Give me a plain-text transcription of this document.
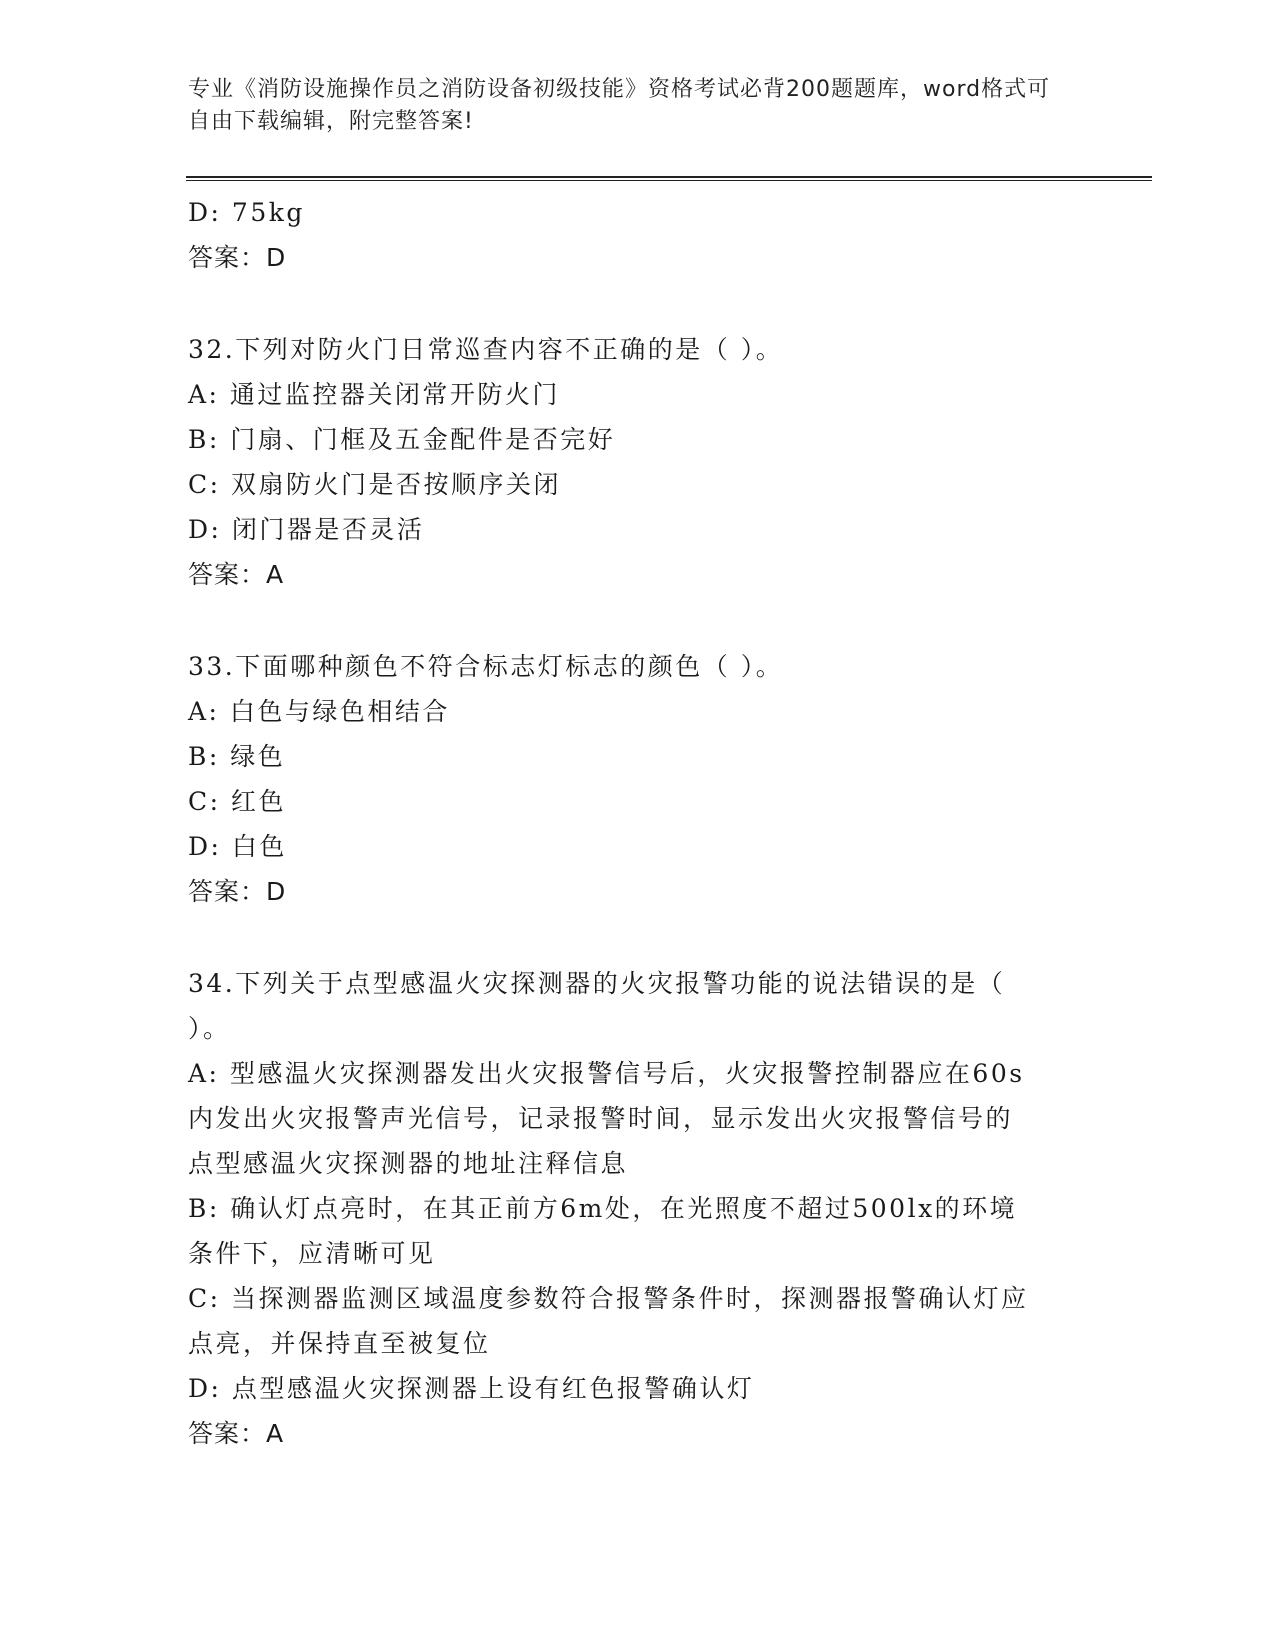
专业《消防设施操作员之消防设备初级技能》资格考试必背200题题库，word格式可自由下载编辑，附完整答案!

D: 75kg

答案：D

32.下列对防火门日常巡查内容不正确的是（ ）。

A: 通过监控器关闭常开防火门

B: 门扇、门框及五金配件是否完好

C: 双扇防火门是否按顺序关闭

D: 闭门器是否灵活

答案：A

33.下面哪种颜色不符合标志灯标志的颜色（ ）。

A: 白色与绿色相结合

B: 绿色

C: 红色

D: 白色

答案：D

34.下列关于点型感温火灾探测器的火灾报警功能的说法错误的是（

）。

A: 型感温火灾探测器发出火灾报警信号后，火灾报警控制器应在60s

内发出火灾报警声光信号，记录报警时间，显示发出火灾报警信号的

点型感温火灾探测器的地址注释信息

B: 确认灯点亮时，在其正前方6m处，在光照度不超过500lx的环境

条件下，应清晰可见

C: 当探测器监测区域温度参数符合报警条件时，探测器报警确认灯应

点亮，并保持直至被复位

D: 点型感温火灾探测器上设有红色报警确认灯

答案：A
